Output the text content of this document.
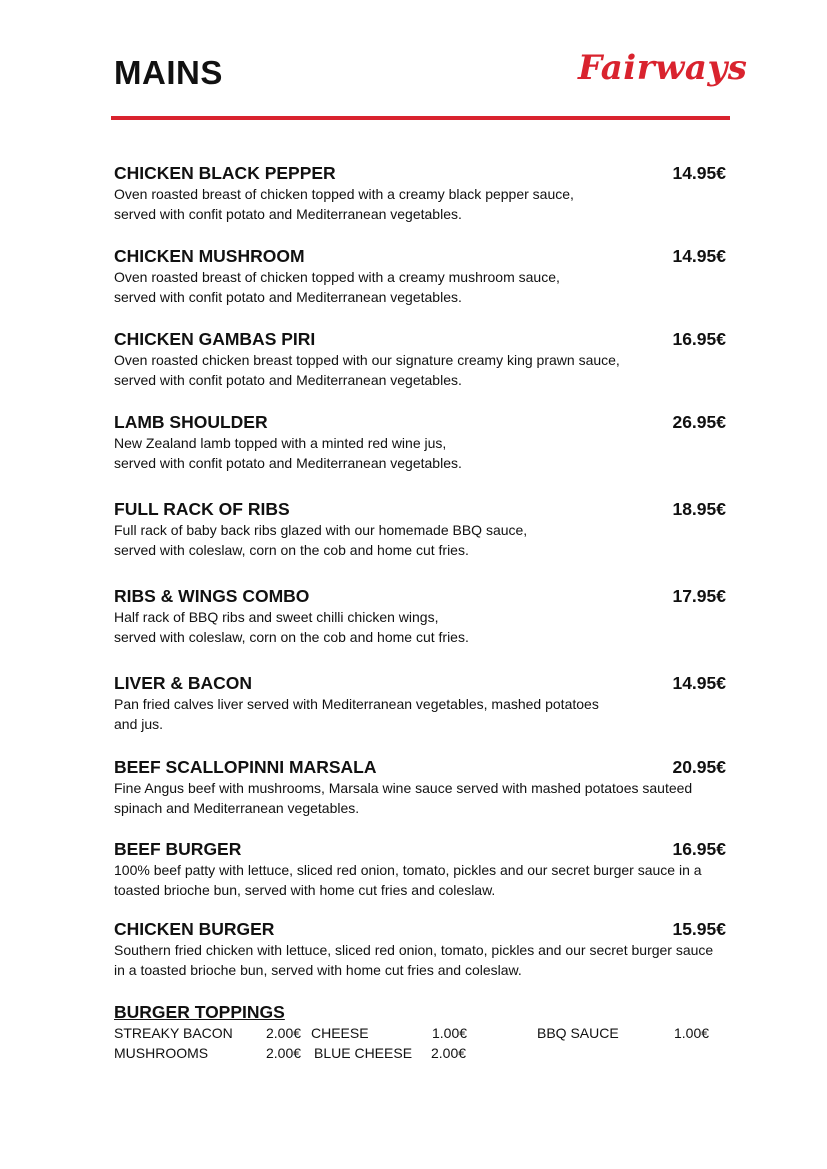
MAINS	Fairways
CHICKEN BLACK PEPPER	14.95€
Oven roasted breast of chicken topped with a creamy black pepper sauce,
served with confit potato and Mediterranean vegetables.
CHICKEN MUSHROOM	14.95€
Oven roasted breast of chicken topped with a creamy mushroom sauce,
served with confit potato and Mediterranean vegetables.
CHICKEN GAMBAS PIRI	16.95€
Oven roasted chicken breast topped with our signature creamy king prawn sauce,
served with confit potato and Mediterranean vegetables.
LAMB SHOULDER	26.95€
New Zealand lamb topped with a minted red wine jus,
served with confit potato and Mediterranean vegetables.
FULL RACK OF RIBS	18.95€
Full rack of baby back ribs glazed with our homemade BBQ sauce,
served with coleslaw, corn on the cob and home cut fries.
RIBS & WINGS COMBO	17.95€
Half rack of BBQ ribs and sweet chilli chicken wings,
served with coleslaw, corn on the cob and home cut fries.
LIVER & BACON	14.95€
Pan fried calves liver served with Mediterranean vegetables, mashed potatoes
and jus.
BEEF SCALLOPINNI MARSALA	20.95€
Fine Angus beef with mushrooms, Marsala wine sauce served with mashed potatoes sauteed
spinach and Mediterranean vegetables.
BEEF BURGER	16.95€
100% beef patty with lettuce, sliced red onion, tomato, pickles and our secret burger sauce in a
toasted brioche bun, served with home cut fries and coleslaw.
CHICKEN BURGER	15.95€
Southern fried chicken with lettuce, sliced red onion, tomato, pickles and our secret burger sauce
in a toasted brioche bun, served with home cut fries and coleslaw.
BURGER TOPPINGS
STREAKY BACON 2.00€ CHEESE	1.00€	BBQ SAUCE	1.00€
MUSHROOMS	2.00€ BLUE CHEESE 2.00€
